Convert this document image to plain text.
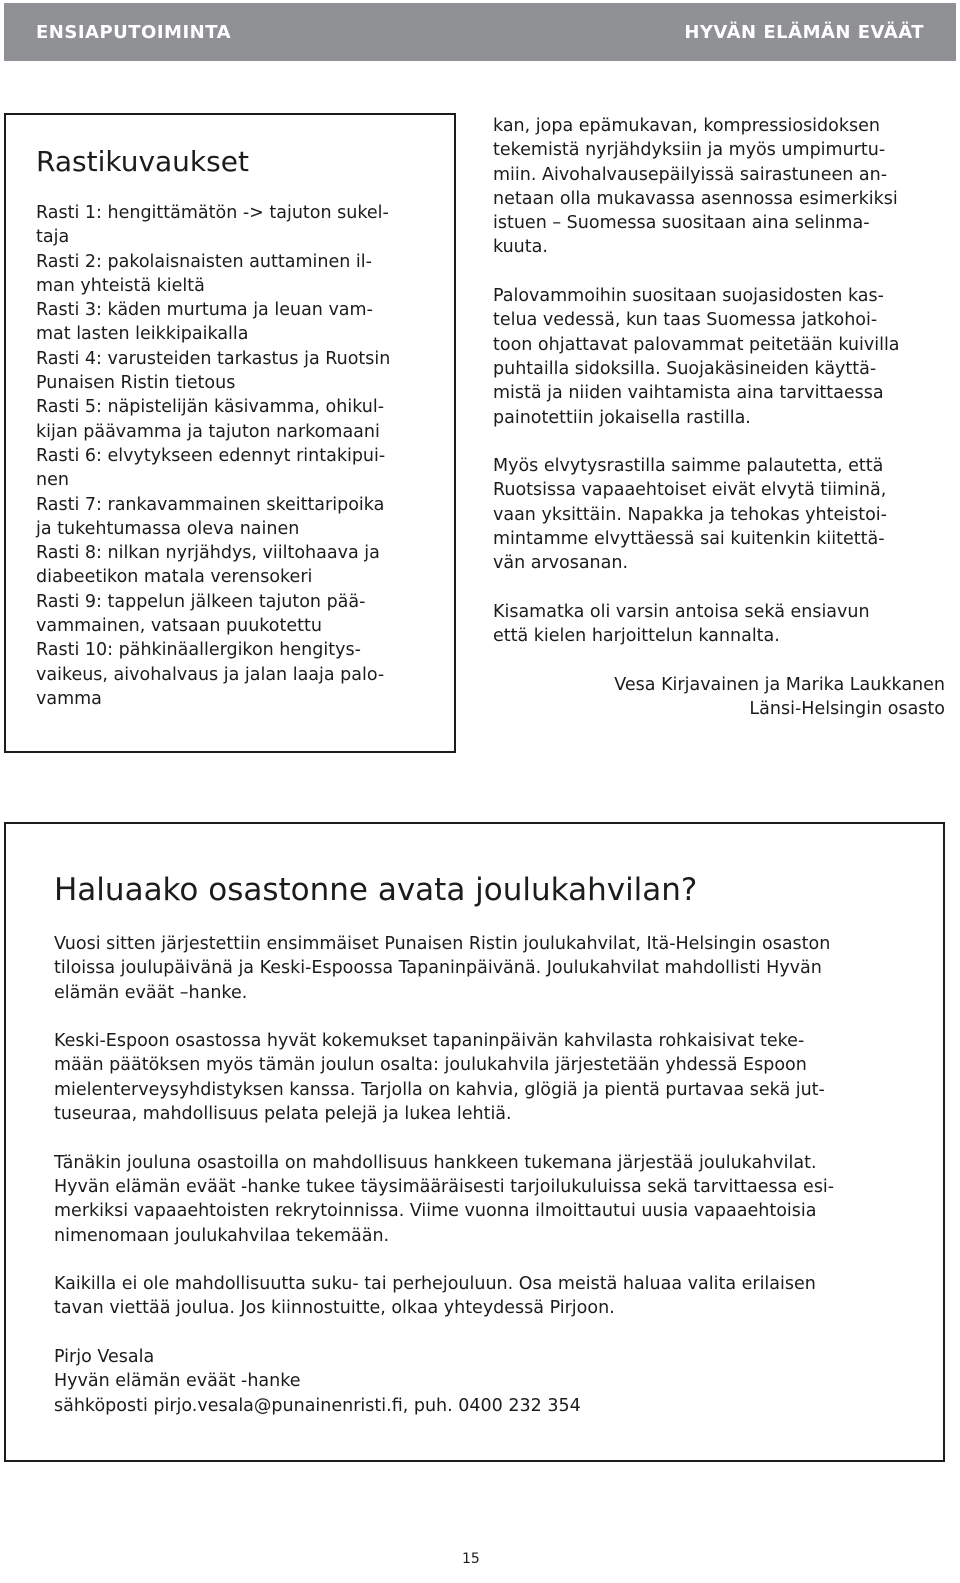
ENSIAPUTOIMINTA	HYVÄN ELÄMÄN EVÄÄT
Rastikuvaukset
Rasti 1: hengittämätön -> tajuton sukel-
taja
Rasti 2: pakolaisnaisten auttaminen il-
man yhteistä kieltä
Rasti 3: käden murtuma ja leuan vam-
mat lasten leikkipaikalla
Rasti 4: varusteiden tarkastus ja Ruotsin
Punaisen Ristin tietous
Rasti 5: näpistelijän käsivamma, ohikul-
kijan päävamma ja tajuton narkomaani
Rasti 6: elvytykseen edennyt rintakipui-
nen
Rasti 7: rankavammainen skeittaripoika
ja tukehtumassa oleva nainen
Rasti 8: nilkan nyrjähdys, viiltohaava ja
diabeetikon matala verensokeri
Rasti 9: tappelun jälkeen tajuton pää-
vammainen, vatsaan puukotettu
Rasti 10: pähkinäallergikon hengitys-
vaikeus, aivohalvaus ja jalan laaja palo-
vamma

kan, jopa epämukavan, kompressiosidoksen
tekemistä nyrjähdyksiin ja myös umpimurtu-
miin. Aivohalvausepäilyissä sairastuneen an-
netaan olla mukavassa asennossa esimerkiksi
istuen – Suomessa suositaan aina selinma-
kuuta.

Palovammoihin suositaan suojasidosten kas-
telua vedessä, kun taas Suomessa jatkohoi-
toon ohjattavat palovammat peitetään kuivilla
puhtailla sidoksilla. Suojakäsineiden käyttä-
mistä ja niiden vaihtamista aina tarvittaessa
painotettiin jokaisella rastilla.

Myös elvytysrastilla saimme palautetta, että
Ruotsissa vapaaehtoiset eivät elvytä tiiminä,
vaan yksittäin. Napakka ja tehokas yhteistoi-
mintamme elvyttäessä sai kuitenkin kiitettä-
vän arvosanan.

Kisamatka oli varsin antoisa sekä ensiavun
että kielen harjoittelun kannalta.

Vesa Kirjavainen ja Marika Laukkanen
Länsi-Helsingin osasto
Haluaako osastonne avata joulukahvilan?

Vuosi sitten järjestettiin ensimmäiset Punaisen Ristin joulukahvilat, Itä-Helsingin osaston
tiloissa joulupäivänä ja Keski-Espoossa Tapaninpäivänä. Joulukahvilat mahdollisti Hyvän
elämän eväät –hanke.

Keski-Espoon osastossa hyvät kokemukset tapaninpäivän kahvilasta rohkaisivat teke-
mään päätöksen myös tämän joulun osalta: joulukahvila järjestetään yhdessä Espoon
mielenterveysyhdistyksen kanssa. Tarjolla on kahvia, glögiä ja pientä purtavaa sekä jut-
tuseuraa, mahdollisuus pelata pelejä ja lukea lehtiä.

Tänäkin jouluna osastoilla on mahdollisuus hankkeen tukemana järjestää joulukahvilat.
Hyvän elämän eväät -hanke tukee täysimääräisesti tarjoilukuluissa sekä tarvittaessa esi-
merkiksi vapaaehtoisten rekrytoinnissa. Viime vuonna ilmoittautui uusia vapaaehtoisia
nimenomaan joulukahvilaa tekemään.

Kaikilla ei ole mahdollisuutta suku- tai perhejouluun. Osa meistä haluaa valita erilaisen
tavan viettää joulua. Jos kiinnostuitte, olkaa yhteydessä Pirjoon.

Pirjo Vesala
Hyvän elämän eväät -hanke
sähköposti pirjo.vesala@punainenristi.fi, puh. 0400 232 354

15
